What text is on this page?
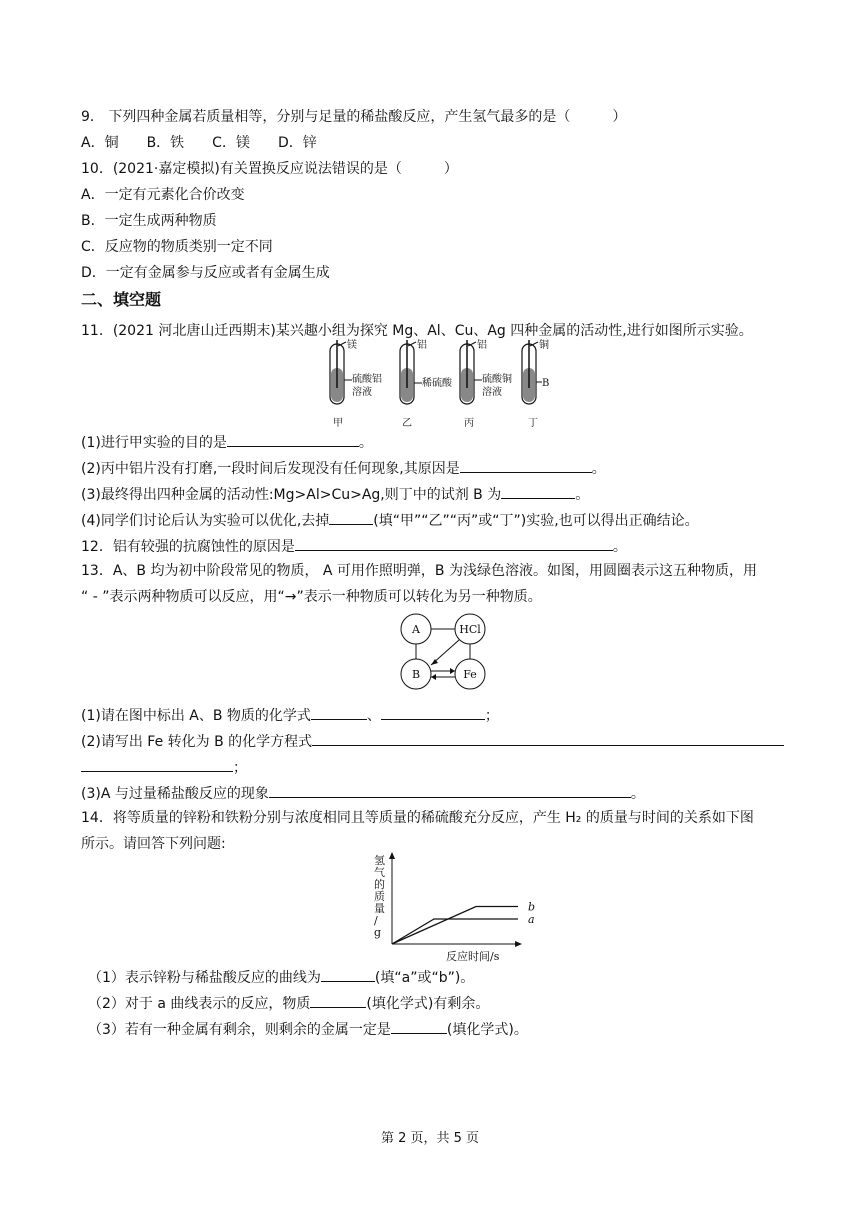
9． 下列四种金属若质量相等，分别与足量的稀盐酸反应，产生氢气最多的是（　　　）
A．铜　　B．铁　　C．镁　　D．锌
10．(2021·嘉定模拟)有关置换反应说法错误的是（　　　）
A．一定有元素化合价改变
B．一定生成两种物质
C．反应物的物质类别一定不同
D．一定有金属参与反应或者有金属生成
二、填空题
11．(2021 河北唐山迁西期末)某兴趣小组为探究 Mg、Al、Cu、Ag 四种金属的活动性,进行如图所示实验。
镁
硫酸铝
溶液
甲
铝
稀硫酸
乙
铝
硫酸铜
溶液
丙
铜
B
丁
(1)进行甲实验的目的是	。
(2)丙中铝片没有打磨,一段时间后发现没有任何现象,其原因是	。
(3)最终得出四种金属的活动性:Mg>Al>Cu>Ag,则丁中的试剂 B 为	。
(4)同学们讨论后认为实验可以优化,去掉	(填“甲”“乙”“丙”或“丁”)实验,也可以得出正确结论。
12．铝有较强的抗腐蚀性的原因是	。
13．A、B 均为初中阶段常见的物质， A 可用作照明弹，B 为浅绿色溶液。如图，用圆圈表示这五种物质，用
“ - ”表示两种物质可以反应，用“→”表示一种物质可以转化为另一种物质。
A	HCl
B	Fe
(1)请在图中标出 A、B 物质的化学式	、	；
(2)请写出 Fe 转化为 B 的化学方程式
；
(3)A 与过量稀盐酸反应的现象	。
14．将等质量的锌粉和铁粉分别与浓度相同且等质量的稀硫酸充分反应，产生 H₂ 的质量与时间的关系如下图
所示。请回答下列问题:
氢
气
的
质
量
/
g
a
b
反应时间/s
（1）表示锌粉与稀盐酸反应的曲线为	(填“a”或“b”)。
（2）对于 a 曲线表示的反应，物质	(填化学式)有剩余。
（3）若有一种金属有剩余，则剩余的金属一定是	(填化学式)。
第 2 页，共 5 页
